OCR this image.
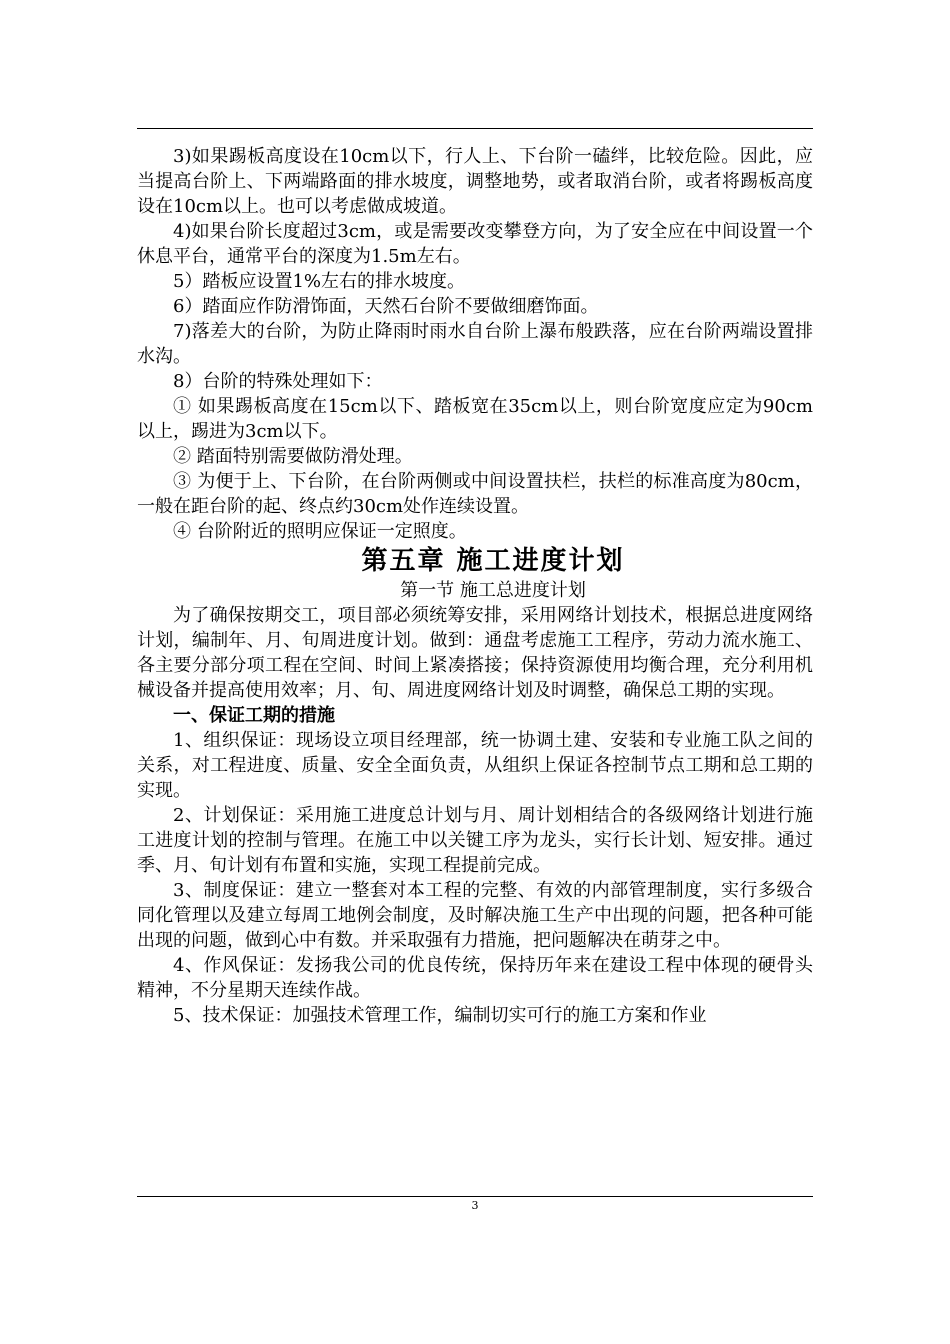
3)如果踢板高度设在10cm以下，行人上、下台阶一磕绊，比较危险。因此，应当提高台阶上、下两端路面的排水坡度，调整地势，或者取消台阶，或者将踢板高度设在10cm以上。也可以考虑做成坡道。

4)如果台阶长度超过3cm，或是需要改变攀登方向，为了安全应在中间设置一个休息平台，通常平台的深度为1.5m左右。

5）踏板应设置1%左右的排水坡度。

6）踏面应作防滑饰面，天然石台阶不要做细磨饰面。

7)落差大的台阶，为防止降雨时雨水自台阶上瀑布般跌落，应在台阶两端设置排水沟。

8）台阶的特殊处理如下：

① 如果踢板高度在15cm以下、踏板宽在35cm以上，则台阶宽度应定为90cm以上，踢进为3cm以下。

② 踏面特别需要做防滑处理。

③ 为便于上、下台阶，在台阶两侧或中间设置扶栏，扶栏的标准高度为80cm，一般在距台阶的起、终点约30cm处作连续设置。

④ 台阶附近的照明应保证一定照度。

第五章 施工进度计划

第一节 施工总进度计划

为了确保按期交工，项目部必须统筹安排，采用网络计划技术，根据总进度网络计划，编制年、月、旬周进度计划。做到：通盘考虑施工工程序，劳动力流水施工、各主要分部分项工程在空间、时间上紧凑搭接；保持资源使用均衡合理，充分利用机械设备并提高使用效率；月、旬、周进度网络计划及时调整，确保总工期的实现。

一、保证工期的措施

1、组织保证：现场设立项目经理部，统一协调土建、安装和专业施工队之间的关系，对工程进度、质量、安全全面负责，从组织上保证各控制节点工期和总工期的实现。

2、计划保证：采用施工进度总计划与月、周计划相结合的各级网络计划进行施工进度计划的控制与管理。在施工中以关键工序为龙头，实行长计划、短安排。通过季、月、旬计划有布置和实施，实现工程提前完成。

3、制度保证：建立一整套对本工程的完整、有效的内部管理制度，实行多级合同化管理以及建立每周工地例会制度，及时解决施工生产中出现的问题，把各种可能出现的问题，做到心中有数。并采取强有力措施，把问题解决在萌芽之中。

4、作风保证：发扬我公司的优良传统，保持历年来在建设工程中体现的硬骨头精神，不分星期天连续作战。

5、技术保证：加强技术管理工作，编制切实可行的施工方案和作业

3
